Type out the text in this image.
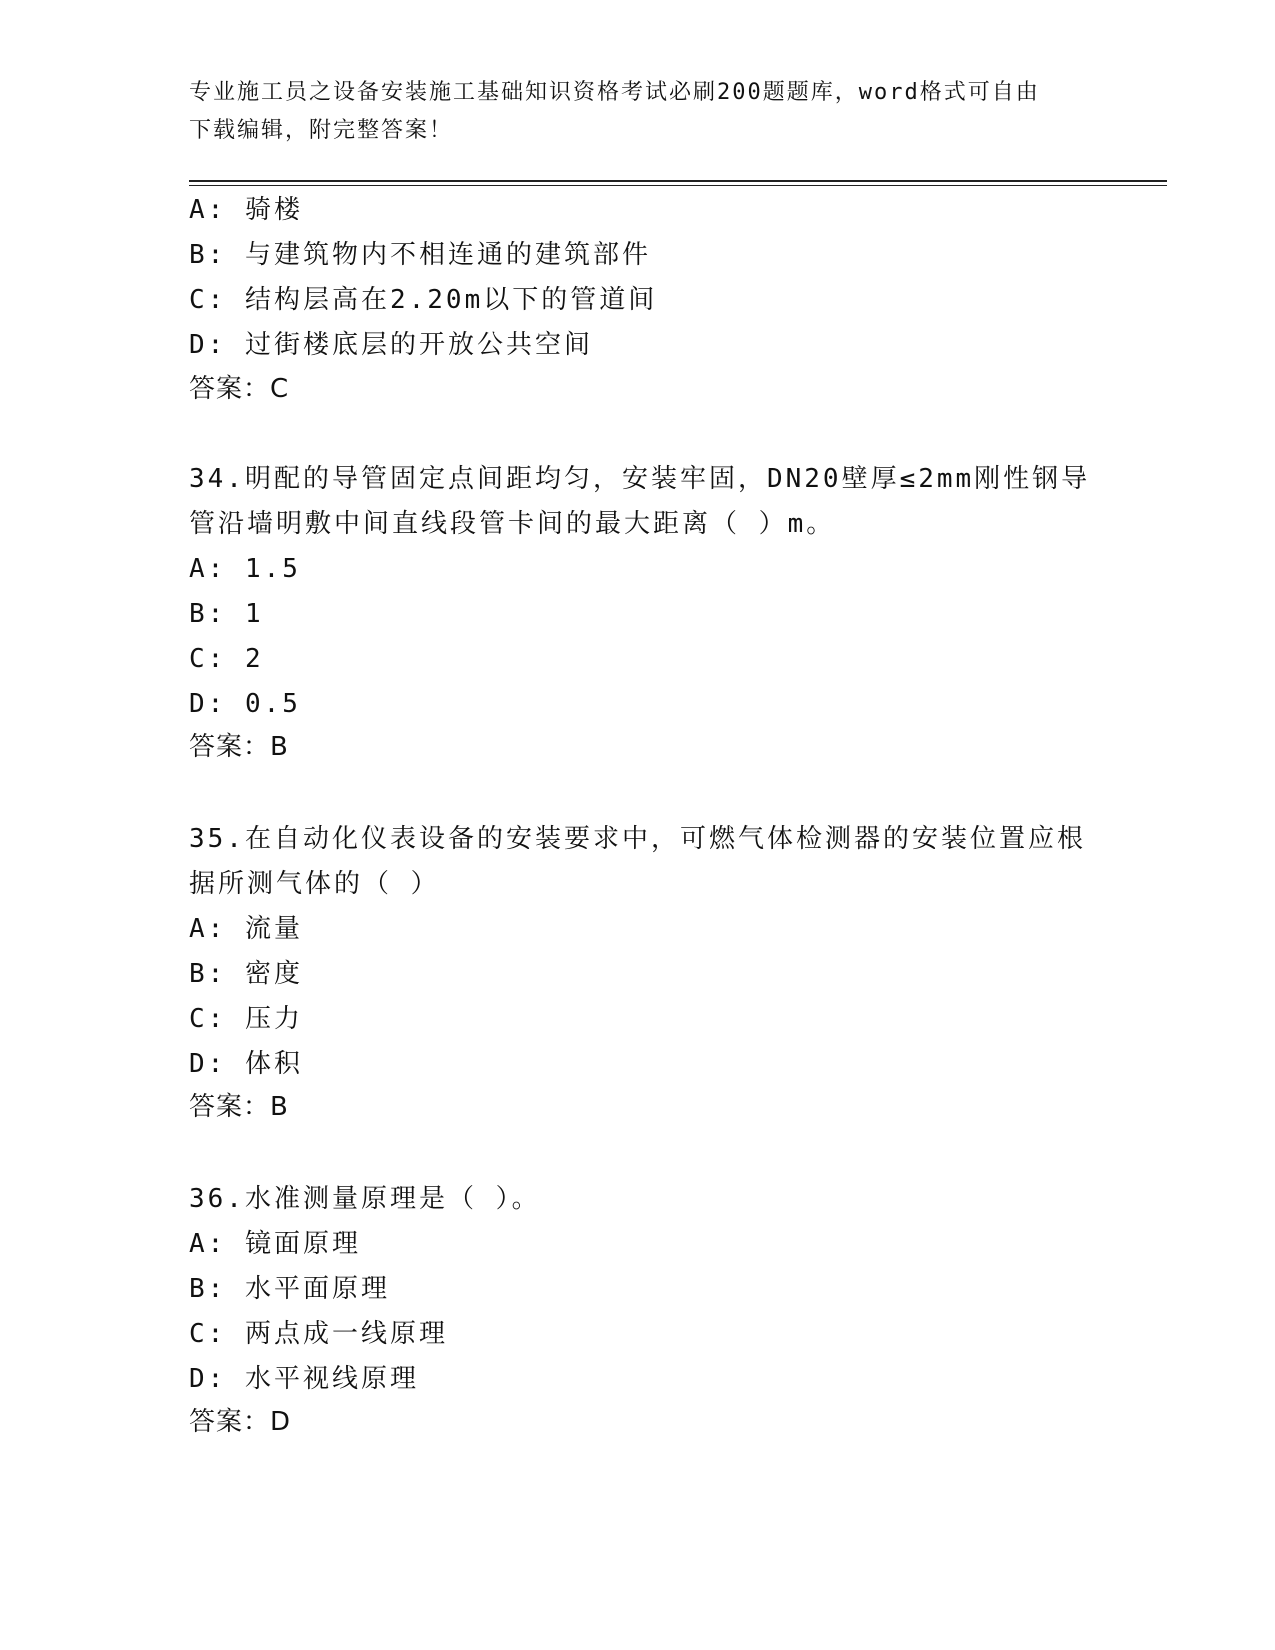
专业施工员之设备安装施工基础知识资格考试必刷200题题库，word格式可自由
下载编辑，附完整答案！
A: 骑楼
B: 与建筑物内不相连通的建筑部件
C: 结构层高在2.20m以下的管道间
D: 过街楼底层的开放公共空间
答案：C
34.明配的导管固定点间距均匀，安装牢固，DN20壁厚≤2mm刚性钢导
管沿墙明敷中间直线段管卡间的最大距离（ ）m。
A: 1.5
B: 1
C: 2
D: 0.5
答案：B
35.在自动化仪表设备的安装要求中，可燃气体检测器的安装位置应根
据所测气体的（ ）
A: 流量
B: 密度
C: 压力
D: 体积
答案：B
36.水准测量原理是（ ）。
A: 镜面原理
B: 水平面原理
C: 两点成一线原理
D: 水平视线原理
答案：D
